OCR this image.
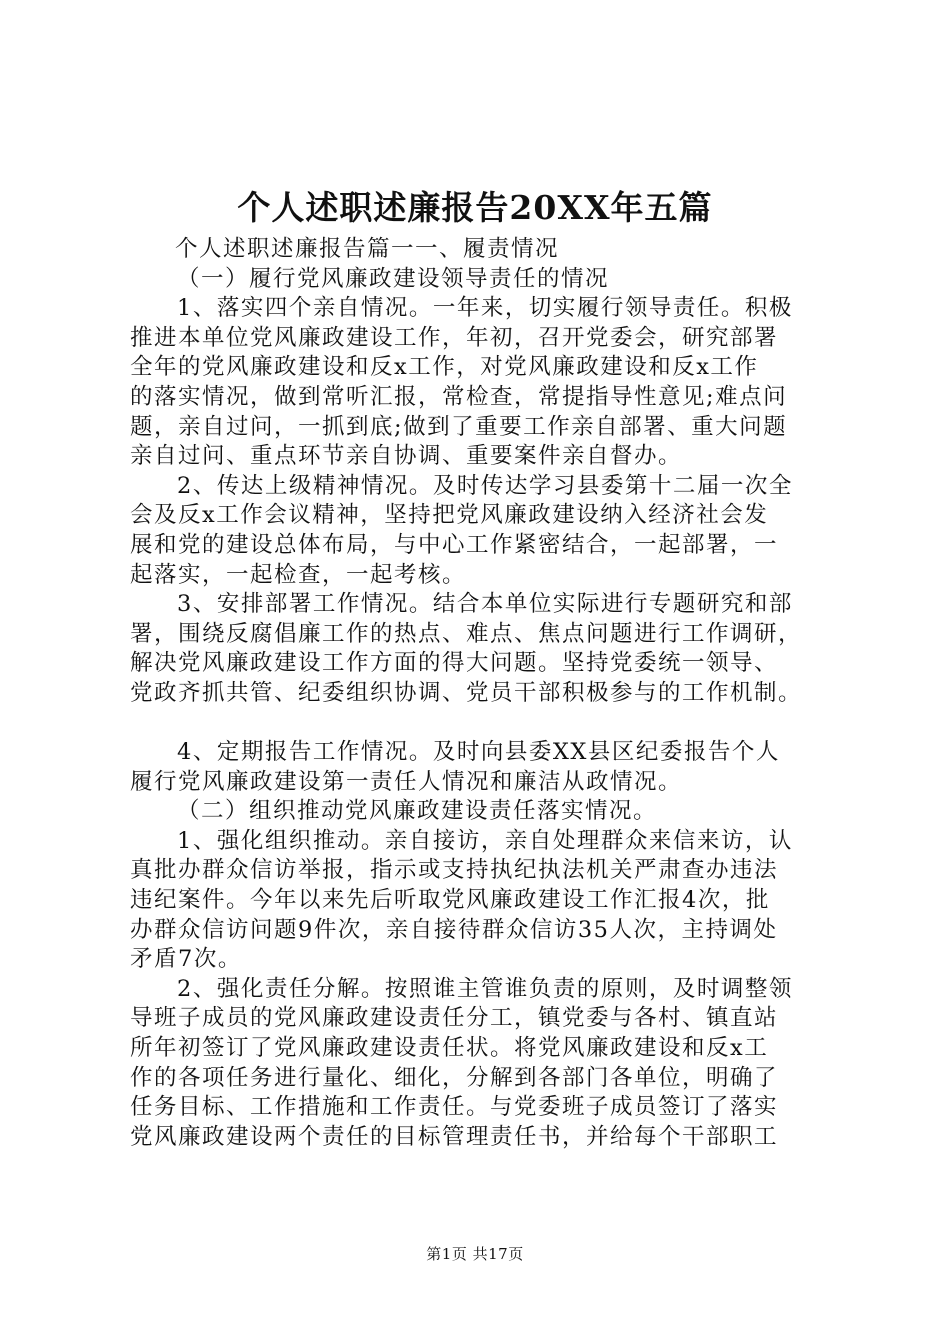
个人述职述廉报告20XX年五篇
个人述职述廉报告篇一一、履责情况
（一）履行党风廉政建设领导责任的情况
1、落实四个亲自情况。一年来，切实履行领导责任。积极
推进本单位党风廉政建设工作，年初，召开党委会，研究部署
全年的党风廉政建设和反x工作，对党风廉政建设和反x工作
的落实情况，做到常听汇报，常检查，常提指导性意见;难点问
题，亲自过问，一抓到底;做到了重要工作亲自部署、重大问题
亲自过问、重点环节亲自协调、重要案件亲自督办。
2、传达上级精神情况。及时传达学习县委第十二届一次全
会及反x工作会议精神，坚持把党风廉政建设纳入经济社会发
展和党的建设总体布局，与中心工作紧密结合，一起部署，一
起落实，一起检查，一起考核。
3、安排部署工作情况。结合本单位实际进行专题研究和部
署，围绕反腐倡廉工作的热点、难点、焦点问题进行工作调研，
解决党风廉政建设工作方面的得大问题。坚持党委统一领导、
党政齐抓共管、纪委组织协调、党员干部积极参与的工作机制。
4、定期报告工作情况。及时向县委XX县区纪委报告个人
履行党风廉政建设第一责任人情况和廉洁从政情况。
（二）组织推动党风廉政建设责任落实情况。
1、强化组织推动。亲自接访，亲自处理群众来信来访，认
真批办群众信访举报，指示或支持执纪执法机关严肃查办违法
违纪案件。今年以来先后听取党风廉政建设工作汇报4次，批
办群众信访问题9件次，亲自接待群众信访35人次，主持调处
矛盾7次。
2、强化责任分解。按照谁主管谁负责的原则，及时调整领
导班子成员的党风廉政建设责任分工，镇党委与各村、镇直站
所年初签订了党风廉政建设责任状。将党风廉政建设和反x工
作的各项任务进行量化、细化，分解到各部门各单位，明确了
任务目标、工作措施和工作责任。与党委班子成员签订了落实
党风廉政建设两个责任的目标管理责任书，并给每个干部职工
第1页 共17页
